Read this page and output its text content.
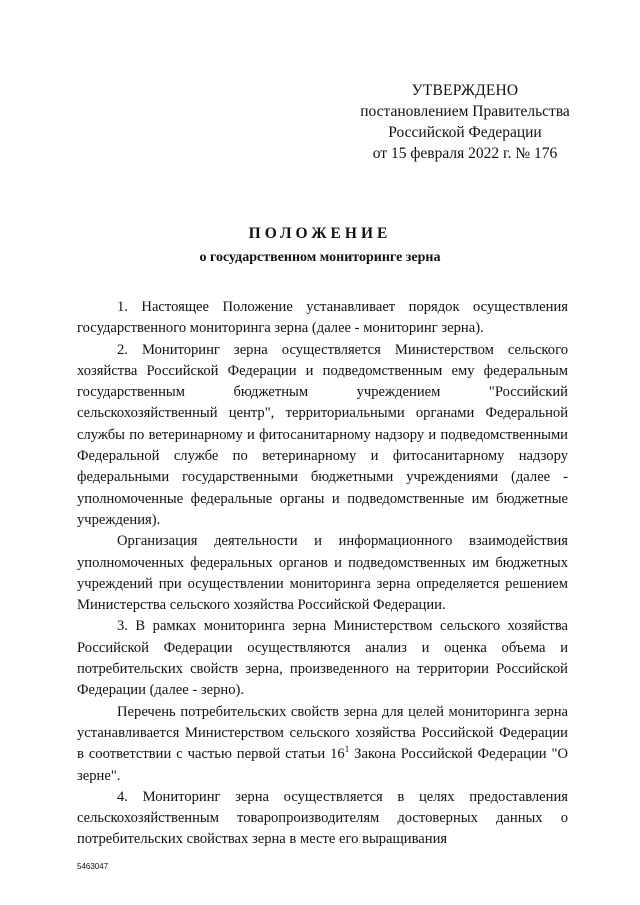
УТВЕРЖДЕНО
постановлением Правительства
Российской Федерации
от 15 февраля 2022 г. № 176
ПОЛОЖЕНИЕ
о государственном мониторинге зерна

1. Настоящее Положение устанавливает порядок осуществления государственного мониторинга зерна (далее - мониторинг зерна).

2. Мониторинг зерна осуществляется Министерством сельского хозяйства Российской Федерации и подведомственным ему федеральным государственным бюджетным учреждением "Российский сельскохозяйственный центр", территориальными органами Федеральной службы по ветеринарному и фитосанитарному надзору и подведомственными Федеральной службе по ветеринарному и фитосанитарному надзору федеральными государственными бюджетными учреждениями (далее - уполномоченные федеральные органы и подведомственные им бюджетные учреждения).

Организация деятельности и информационного взаимодействия уполномоченных федеральных органов и подведомственных им бюджетных учреждений при осуществлении мониторинга зерна определяется решением Министерства сельского хозяйства Российской Федерации.

3. В рамках мониторинга зерна Министерством сельского хозяйства Российской Федерации осуществляются анализ и оценка объема и потребительских свойств зерна, произведенного на территории Российской Федерации (далее - зерно).

Перечень потребительских свойств зерна для целей мониторинга зерна устанавливается Министерством сельского хозяйства Российской Федерации в соответствии с частью первой статьи $16^1$ Закона Российской Федерации "О зерне".

4. Мониторинг зерна осуществляется в целях предоставления сельскохозяйственным товаропроизводителям достоверных данных о потребительских свойствах зерна в месте его выращивания

5463047
